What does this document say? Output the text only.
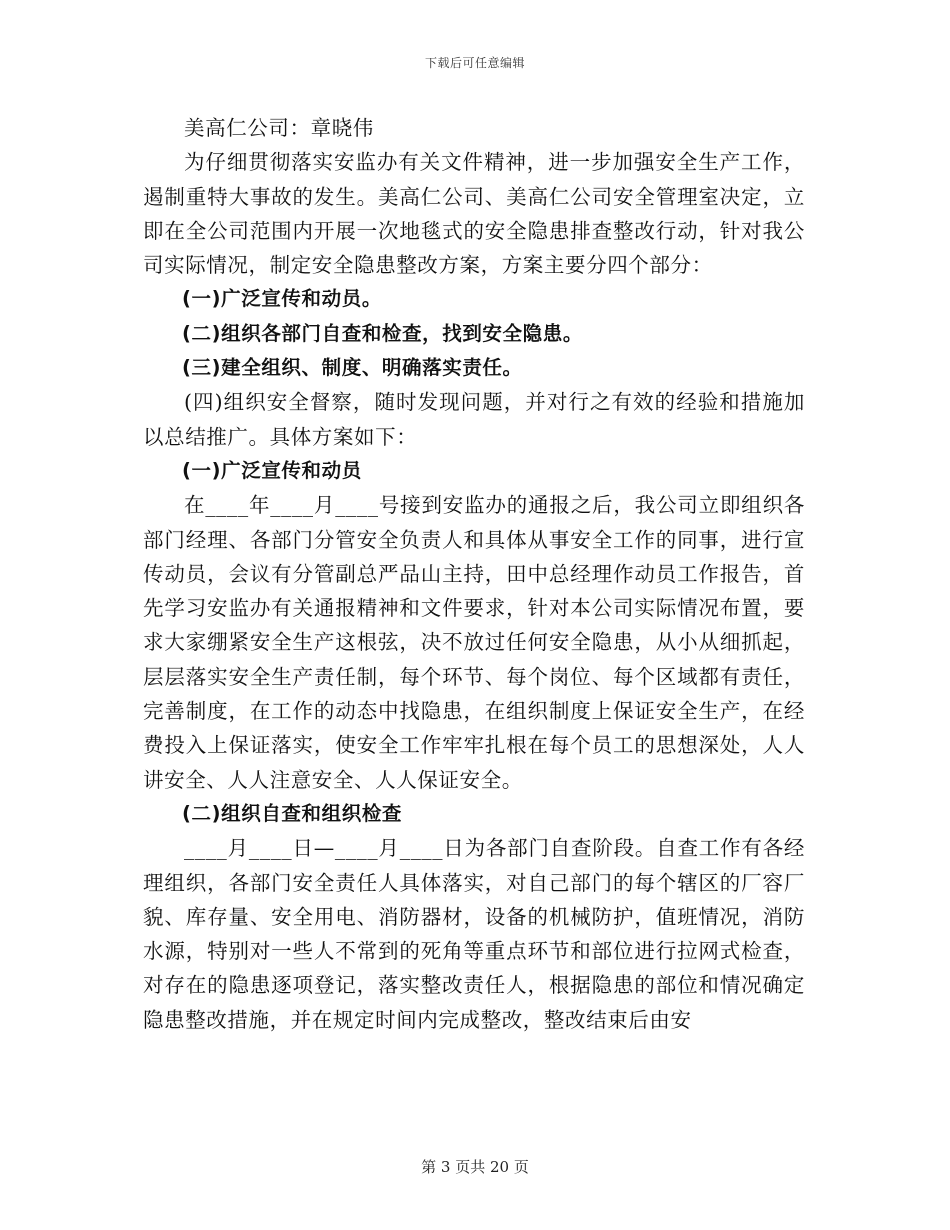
下载后可任意编辑

美高仁公司：章晓伟

为仔细贯彻落实安监办有关文件精神，进一步加强安全生产工作，遏制重特大事故的发生。美高仁公司、美高仁公司安全管理室决定，立即在全公司范围内开展一次地毯式的安全隐患排查整改行动，针对我公司实际情况，制定安全隐患整改方案，方案主要分四个部分：

(一)广泛宣传和动员。

(二)组织各部门自查和检查，找到安全隐患。

(三)建全组织、制度、明确落实责任。

(四)组织安全督察，随时发现问题，并对行之有效的经验和措施加以总结推广。具体方案如下：

(一)广泛宣传和动员

在____年____月____号接到安监办的通报之后，我公司立即组织各部门经理、各部门分管安全负责人和具体从事安全工作的同事，进行宣传动员，会议有分管副总严品山主持，田中总经理作动员工作报告，首先学习安监办有关通报精神和文件要求，针对本公司实际情况布置，要求大家绷紧安全生产这根弦，决不放过任何安全隐患，从小从细抓起，层层落实安全生产责任制，每个环节、每个岗位、每个区域都有责任，完善制度，在工作的动态中找隐患，在组织制度上保证安全生产，在经费投入上保证落实，使安全工作牢牢扎根在每个员工的思想深处，人人讲安全、人人注意安全、人人保证安全。

(二)组织自查和组织检查

____月____日—____月____日为各部门自查阶段。自查工作有各经理组织，各部门安全责任人具体落实，对自己部门的每个辖区的厂容厂貌、库存量、安全用电、消防器材，设备的机械防护，值班情况，消防水源，特别对一些人不常到的死角等重点环节和部位进行拉网式检查，对存在的隐患逐项登记，落实整改责任人，根据隐患的部位和情况确定隐患整改措施，并在规定时间内完成整改，整改结束后由安

第 3 页共 20 页
